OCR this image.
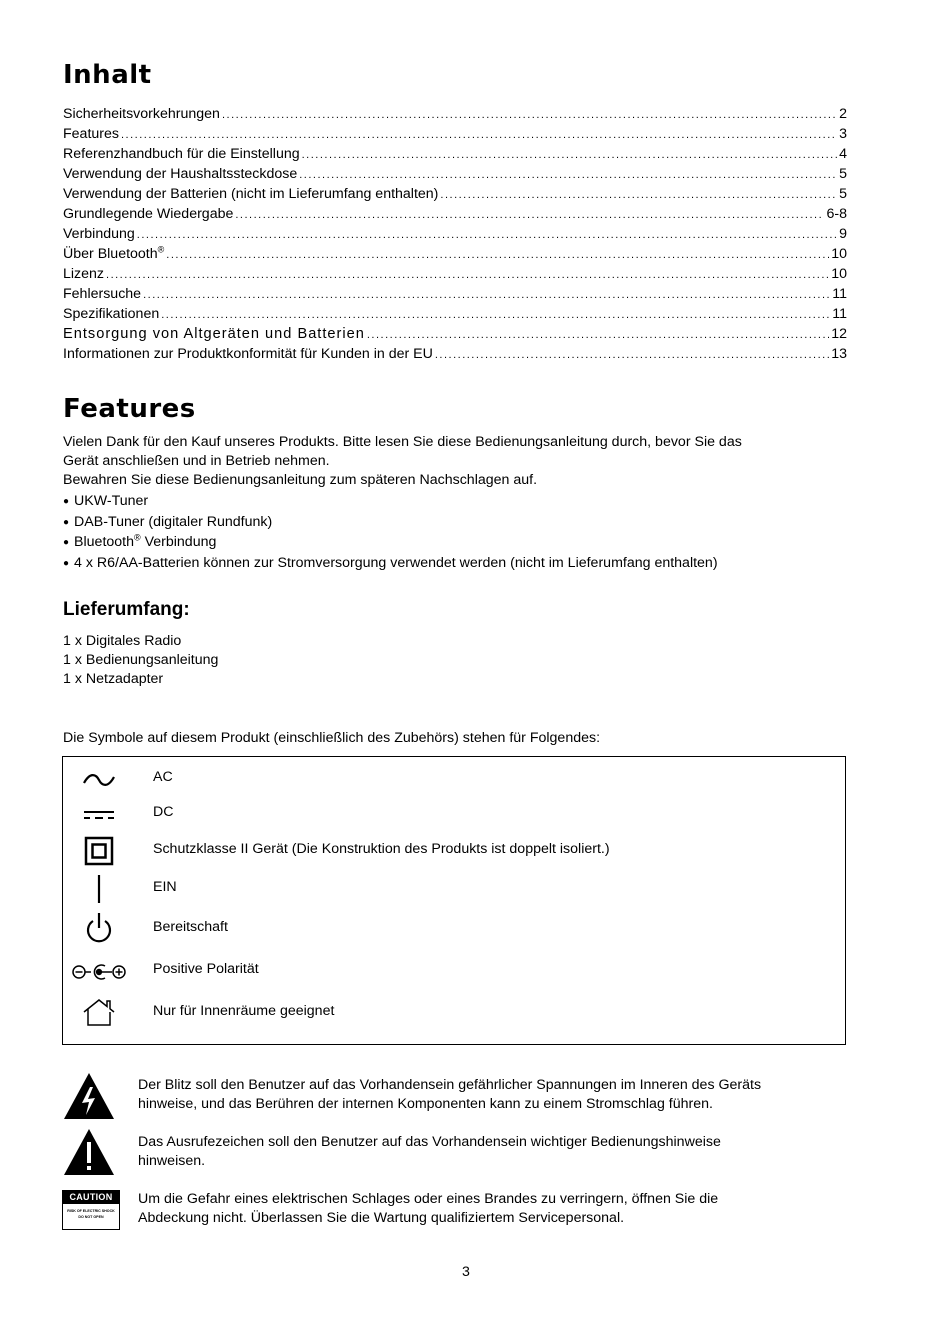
Inhalt
Sicherheitsvorkehrungen .....	2
Features .....	3
Referenzhandbuch für die Einstellung .....	4
Verwendung der Haushaltssteckdose .....	5
Verwendung der Batterien (nicht im Lieferumfang enthalten) .....	5
Grundlegende Wiedergabe .....	6-8
Verbindung .....	9
Über Bluetooth® .....	10
Lizenz .....	10
Fehlersuche .....	11
Spezifikationen .....	11
Entsorgung von Altgeräten und Batterien .....	12
Informationen zur Produktkonformität für Kunden in der EU .....	13
Features
Vielen Dank für den Kauf unseres Produkts. Bitte lesen Sie diese Bedienungsanleitung durch, bevor Sie das
Gerät anschließen und in Betrieb nehmen.
Bewahren Sie diese Bedienungsanleitung zum späteren Nachschlagen auf.
● UKW-Tuner
● DAB-Tuner (digitaler Rundfunk)
● Bluetooth® Verbindung
● 4 x R6/AA-Batterien können zur Stromversorgung verwendet werden (nicht im Lieferumfang enthalten)
Lieferumfang:
1 x Digitales Radio
1 x Bedienungsanleitung
1 x Netzadapter
Die Symbole auf diesem Produkt (einschließlich des Zubehörs) stehen für Folgendes:
AC
DC
Schutzklasse II Gerät (Die Konstruktion des Produkts ist doppelt isoliert.)
EIN
Bereitschaft
Positive Polarität
Nur für Innenräume geeignet
Der Blitz soll den Benutzer auf das Vorhandensein gefährlicher Spannungen im Inneren des Geräts
hinweise, und das Berühren der internen Komponenten kann zu einem Stromschlag führen.
Das Ausrufezeichen soll den Benutzer auf das Vorhandensein wichtiger Bedienungshinweise
hinweisen.
CAUTION
RISK OF ELECTRIC SHOCK
DO NOT OPEN
Um die Gefahr eines elektrischen Schlages oder eines Brandes zu verringern, öffnen Sie die
Abdeckung nicht. Überlassen Sie die Wartung qualifiziertem Servicepersonal.
3
